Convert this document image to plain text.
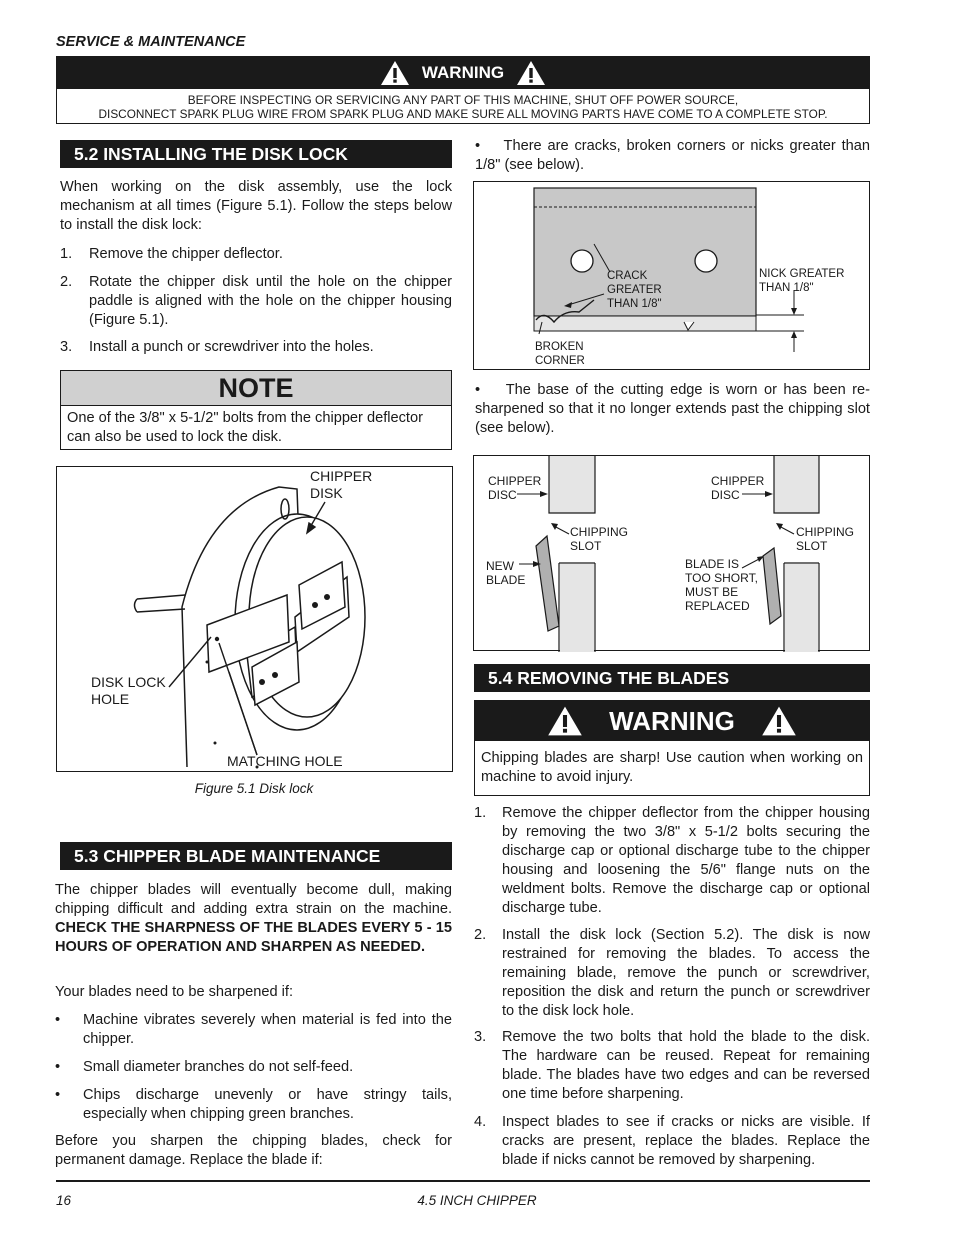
SERVICE & MAINTENANCE
WARNING
BEFORE INSPECTING OR SERVICING ANY PART OF THIS MACHINE, SHUT OFF POWER SOURCE,
DISCONNECT SPARK PLUG WIRE FROM SPARK PLUG AND MAKE SURE ALL MOVING PARTS HAVE COME TO A COMPLETE STOP.
5.2 INSTALLING THE DISK LOCK
When working on the disk assembly, use the lock mechanism at all times (Figure 5.1). Follow the steps below to install the disk lock:
1.	Remove the chipper deflector.
2.	Rotate the chipper disk until the hole on the chipper paddle is aligned with the hole on the chipper housing (Figure 5.1).
3.	Install a punch or screwdriver into the holes.
NOTE
One of the 3/8" x 5-1/2" bolts from the chipper deflector can also be used to lock the disk.
CHIPPER
DISK
DISK LOCK
HOLE
MATCHING HOLE
Figure 5.1 Disk lock
5.3 CHIPPER BLADE MAINTENANCE
The chipper blades will eventually become dull, making chipping difficult and adding extra strain on the machine. CHECK THE SHARPNESS OF THE BLADES EVERY 5 - 15 HOURS OF OPERATION AND SHARPEN AS NEEDED.
Your blades need to be sharpened if:
•	Machine vibrates severely when material is fed into the chipper.
•	Small diameter branches do not self-feed.
•	Chips discharge unevenly or have stringy tails, especially when chipping green branches.
Before you sharpen the chipping blades, check for permanent damage. Replace the blade if:
•    There are cracks, broken corners or nicks greater than 1/8" (see below).
CRACK
GREATER
THAN 1/8"
NICK GREATER
THAN 1/8"
BROKEN
CORNER
•    The base of the cutting edge is worn or has been re-sharpened so that it no longer extends past the chipping slot (see below).
CHIPPER
DISC
CHIPPER
DISC
CHIPPING
SLOT
CHIPPING
SLOT
NEW
BLADE
BLADE IS
TOO SHORT,
MUST BE
REPLACED
5.4 REMOVING THE BLADES
WARNING
Chipping blades are sharp! Use caution when working on machine to avoid injury.
1.	Remove the chipper deflector from the chipper housing by removing the two 3/8" x 5-1/2 bolts securing the discharge cap or optional discharge tube to the chipper housing and loosening the 5/6" flange nuts on the weldment bolts. Remove the discharge cap or optional discharge tube.
2.	Install the disk lock (Section 5.2). The disk is now restrained for removing the blades. To access the remaining blade, remove the punch or screwdriver, reposition the disk and return the punch or screwdriver to the disk lock hole.
3.	Remove the two bolts that hold the blade to the disk. The hardware can be reused. Repeat for remaining blade. The blades have two edges and can be reversed one time before sharpening.
4.	Inspect blades to see if cracks or nicks are visible. If cracks are present, replace the blades. Replace the blade if nicks cannot be removed by sharpening.
16	4.5 INCH CHIPPER
